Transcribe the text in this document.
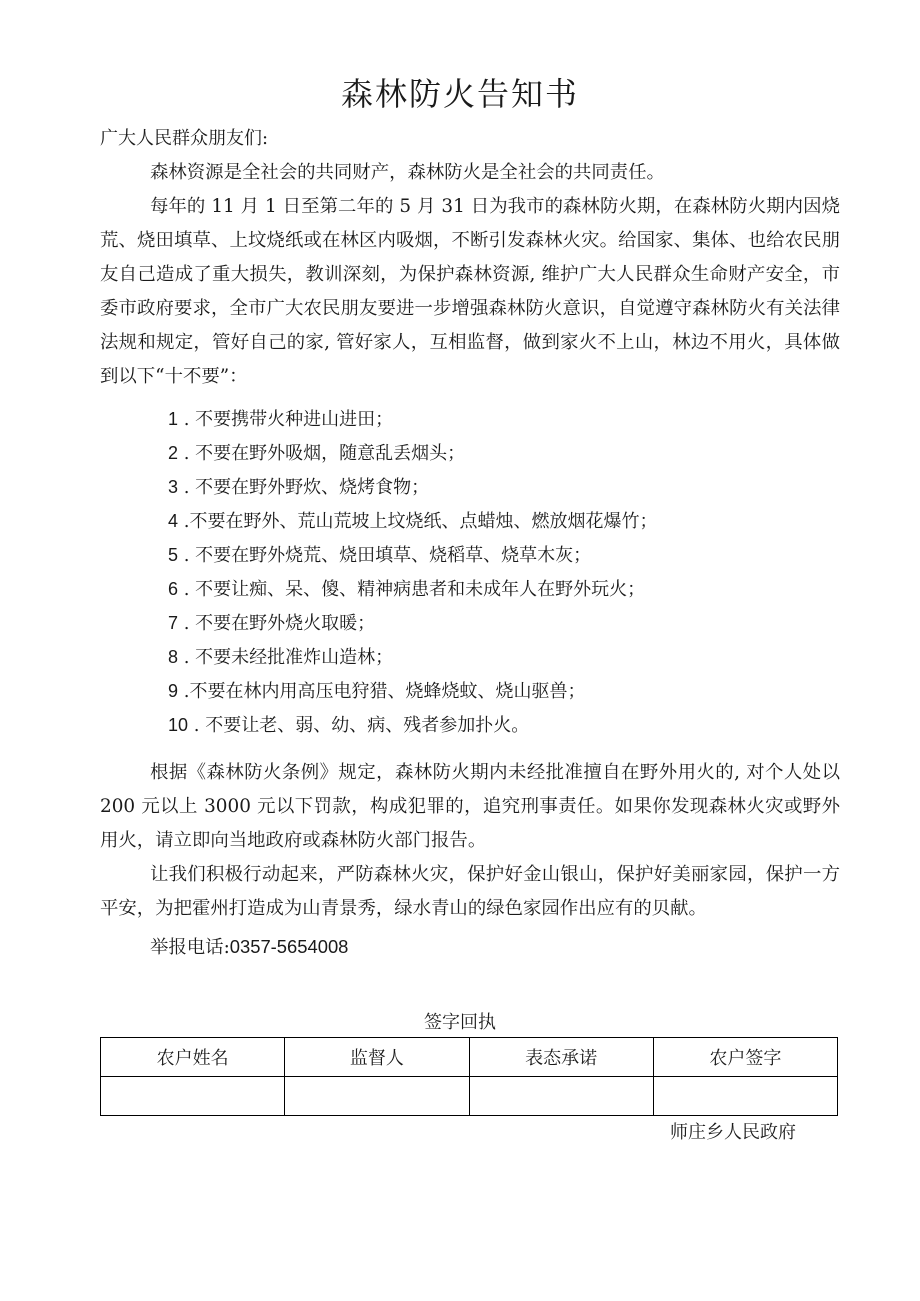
森林防火告知书
广大人民群众朋友们:
森林资源是全社会的共同财产，森林防火是全社会的共同责任。
每年的 11 月 1 日至第二年的 5 月 31 日为我市的森林防火期，在森林防火期内因烧荒、烧田填草、上坟烧纸或在林区内吸烟，不断引发森林火灾。给国家、集体、也给农民朋友自己造成了重大损失，教训深刻，为保护森林资源, 维护广大人民群众生命财产安全，市委市政府要求，全市广大农民朋友要进一步增强森林防火意识，自觉遵守森林防火有关法律法规和规定，管好自己的家, 管好家人，互相监督，做到家火不上山，林边不用火，具体做到以下“十不要”：
1 . 不要携带火种进山进田；
2 . 不要在野外吸烟，随意乱丢烟头；
3 . 不要在野外野炊、烧烤食物；
4 .不要在野外、荒山荒坡上坟烧纸、点蜡烛、燃放烟花爆竹；
5 . 不要在野外烧荒、烧田填草、烧稻草、烧草木灰；
6 . 不要让痴、呆、傻、精神病患者和未成年人在野外玩火；
7 . 不要在野外烧火取暖；
8 . 不要未经批准炸山造林；
9 .不要在林内用高压电狩猎、烧蜂烧蚊、烧山驱兽；
10 . 不要让老、弱、幼、病、残者参加扑火。
根据《森林防火条例》规定，森林防火期内未经批准擅自在野外用火的, 对个人处以 200 元以上 3000 元以下罚款，构成犯罪的，追究刑事责任。如果你发现森林火灾或野外用火，请立即向当地政府或森林防火部门报告。
让我们积极行动起来，严防森林火灾，保护好金山银山，保护好美丽家园，保护一方平安，为把霍州打造成为山青景秀，绿水青山的绿色家园作出应有的贝献。
举报电话:0357-5654008
签字回执
农户姓名	监督人	表态承诺	农户签字

师庄乡人民政府
